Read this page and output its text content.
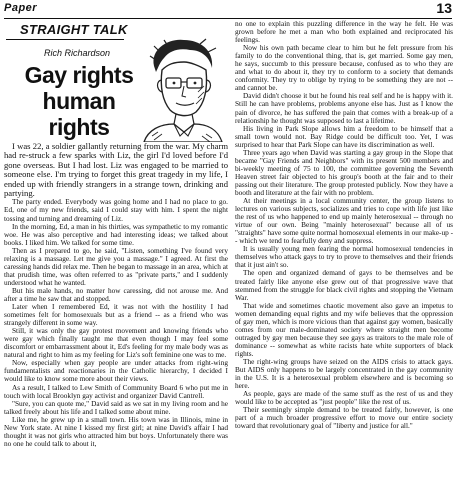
Paper	13
STRAIGHT TALK
Rich Richardson
Gay rights
human
rights

I was 22, a soldier gallantly returning from the war. My charm had re-struck a few sparks with Liz, the girl I'd loved before I'd gone overseas. But I had lost. Liz was engaged to be married to someone else. I'm trying to forget this great tragedy in my life, I ended up with friendly strangers in a strange town, drinking and partying.

The party ended. Everybody was going home and I had no place to go. Ed, one of my new friends, said I could stay with him. I spent the night tossing and turning and dreaming of Liz.

In the morning, Ed, a man in his thirties, was sympathetic to my romantic woe. He was also perceptive and had interesting ideas; we talked about books. I liked him. We talked for some time.

Then as I prepared to go, he said, "Listen, something I've found very relaxing is a massage. Let me give you a massage." I agreed. At first the caressing hands did relax me. Then he began to massage in an area, which at that prudish time, was often referred to as "private parts," and I suddenly understood what he wanted.

But his male hands, no matter how caressing, did not arouse me. And after a time he saw that and stopped.

Later when I remembered Ed, it was not with the hostility I had sometimes felt for homosexuals but as a friend -- as a friend who was strangely different in some way.

Still, it was only the gay protest movement and knowing friends who were gay which finally taught me that even though I may feel some discomfort or embarrassment about it, Ed's feeling for my male body was as natural and right to him as my feeling for Liz's soft feminine one was to me.

Now, especially when gay people are under attacks from right-wing fundamentalists and reactionaries in the Catholic hierarchy, I decided I would like to know some more about their views.

As a result, I talked to Lew Smith of Community Board 6 who put me in touch with local Brooklyn gay activist and organizer David Cantrell.

"Sure, you can quote me," David said as we sat in my living room and he talked freely about his life and I talked some about mine.

Like me, he grew up in a small town. His town was in Illinois, mine in New York state. At nine I kissed my first girl; at nine David's affair I had thought it was not girls who attracted him but boys. Unfortunately there was no one he could talk to about it,

no one to explain this puzzling difference in the way he felt. He was grown before he met a man who both explained and reciprocated his feelings.

Now his own path became clear to him but he felt pressure from his family to do the conventional thing, that is, get married. Some gay men, he says, succumb to this pressure because, confused as to who they are and what to do about it, they try to conform to a society that demands conformity. They try to oblige by trying to be something they are not -- and cannot be.

David didn't choose it but he found his real self and he is happy with it. Still he can have problems, problems anyone else has. Just as I know the pain of divorce, he has suffered the pain that comes with a break-up of a relationship he thought was supposed to last a lifetime.

His living in Park Slope allows him a freedom to be himself that a small town would not. Bay Ridge could be difficult too. Yet, I was surprised to hear that Park Slope can have its discrimination as well.

Three years ago when David was starting a gay group in the Slope that became "Gay Friends and Neighbors" with its present 500 members and bi-weekly meeting of 75 to 100, the committee governing the Seventh Heaven street fair objected to his group's booth at the fair and to their passing out their literature. The group protested publicly. Now they have a booth and literature at the fair with no problem.

At their meetings in a local community center, the group listens to lectures on various subjects, socializes and tries to cope with life just like the rest of us who happened to end up mainly heterosexual -- through no virtue of our own. Being "mainly heterosexual" because all of us "straights" have some quite normal homosexual elements in our make-up -- which we tend to fearfully deny and suppress.

It is usually young men fearing the normal homosexual tendencies in themselves who attack gays to try to prove to themselves and their friends that it just ain't so.

The open and organized demand of gays to be themselves and be treated fairly like anyone else grew out of that progressive wave that stemmed from the struggle for black civil rights and stopping the Vietnam War.

That wide and sometimes chaotic movement also gave an impetus to women demanding equal rights and my wife believes that the oppression of gay men, which is more vicious than that against gay women, basically comes from our male-dominated society where straight men become outraged by gay men because they see gays as traitors to the male role of dominance -- somewhat as white racists hate white supporters of black rights.

The right-wing groups have seized on the AIDS crisis to attack gays. But AIDS only happens to be largely concentrated in the gay community in the U.S. It is a heterosexual problem elsewhere and is becoming so here.

As people, gays are made of the same stuff as the rest of us and they would like to be accepted as "just people" like the rest of us.

Their seemingly simple demand to be treated fairly, however, is one part of a much broader progressive effort to move our entire society toward that revolutionary goal of "liberty and justice for all."
